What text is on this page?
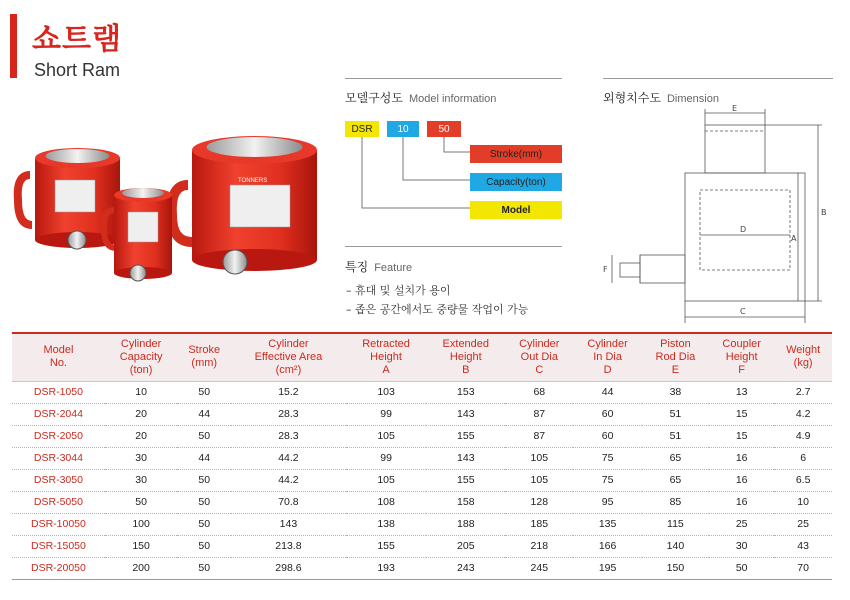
쇼트램
Short Ram
TONNERS
모델구성도 Model information
DSR	10	50
Stroke(mm)
Capacity(ton)
Model
특징 Feature
– 휴대 및 설치가 용이
– 좁은 공간에서도 중량물 작업이 가능
외형치수도 Dimension
E
D
C
A
B
F
Model
No.	Cylinder
Capacity
(ton)	Stroke
(mm)	Cylinder
Effective Area
(cm²)	Retracted
Height
A	Extended
Height
B	Cylinder
Out Dia
C	Cylinder
In Dia
D	Piston
Rod Dia
E	Coupler
Height
F	Weight
(kg)
DSR-1050	10	50	15.2	103	153	68	44	38	13	2.7
DSR-2044	20	44	28.3	99	143	87	60	51	15	4.2
DSR-2050	20	50	28.3	105	155	87	60	51	15	4.9
DSR-3044	30	44	44.2	99	143	105	75	65	16	6
DSR-3050	30	50	44.2	105	155	105	75	65	16	6.5
DSR-5050	50	50	70.8	108	158	128	95	85	16	10
DSR-10050	100	50	143	138	188	185	135	115	25	25
DSR-15050	150	50	213.8	155	205	218	166	140	30	43
DSR-20050	200	50	298.6	193	243	245	195	150	50	70
